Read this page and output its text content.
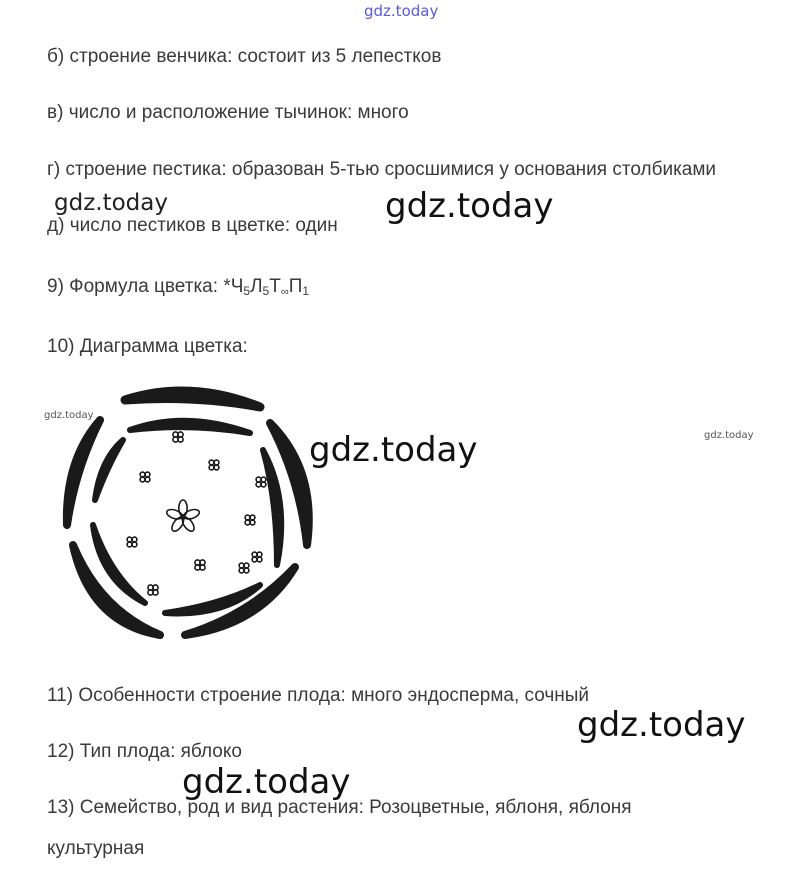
gdz.today
gdz.today	gdz.today
gdz.today
gdz.today	gdz.today
gdz.today
gdz.today
б) строение венчика: состоит из 5 лепестков
в) число и расположение тычинок: много
г) строение пестика: образован 5-тью сросшимися у основания столбиками
д) число пестиков в цветке: один
9) Формула цветка: $*Ч_5Л_5Т_\infty П_1$
10) Диаграмма цветка:
11) Особенности строение плода: много эндосперма, сочный
12) Тип плода: яблоко
13) Семейство, род и вид растения: Розоцветные, яблоня, яблоня
культурная
